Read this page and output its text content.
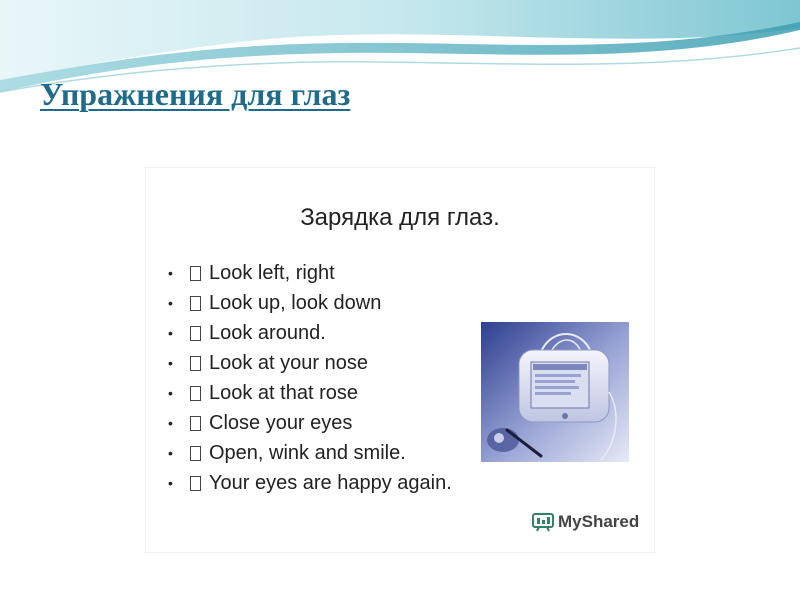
Упражнения для глаз
Зарядка для глаз.
•	Look left, right
•	Look up, look down
•	Look around.
•	Look at your nose
•	Look at that rose
•	Close your eyes
•	Open, wink and smile.
•	Your eyes are happy again.
MyShared
